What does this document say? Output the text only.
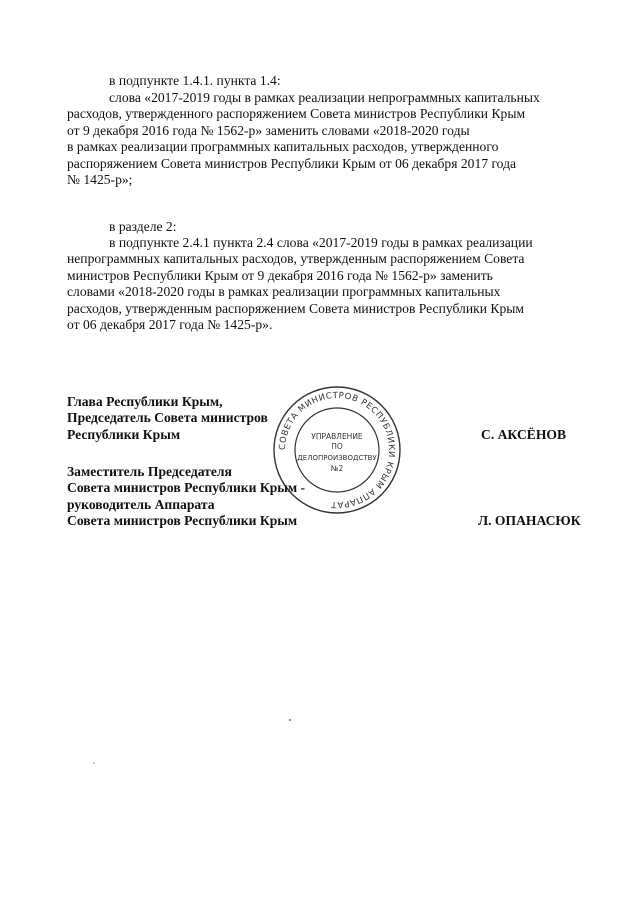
в подпункте 1.4.1. пункта 1.4:
слова «2017-2019 годы в рамках реализации непрограммных капитальных
расходов, утвержденного распоряжением Совета министров Республики Крым
от 9 декабря 2016 года № 1562-р» заменить словами «2018-2020 годы
в рамках реализации программных капитальных расходов, утвержденного
распоряжением Совета министров Республики Крым от 06 декабря 2017 года
№ 1425-р»;
в разделе 2:
в подпункте 2.4.1 пункта 2.4 слова «2017-2019 годы в рамках реализации
непрограммных капитальных расходов, утвержденным распоряжением Совета
министров Республики Крым от 9 декабря 2016 года № 1562-р» заменить
словами «2018-2020 годы в рамках реализации программных капитальных
расходов, утвержденным распоряжением Совета министров Республики Крым
от 06 декабря 2017 года № 1425-р».
СОВЕТА МИНИСТРОВ РЕСПУБЛИКИ КРЫМ АППАРАТ
УПРАВЛЕНИЕ
ПО
ДЕЛОПРОИЗВОДСТВУ
№2
Глава Республики Крым,
Председатель Совета министров
Республики Крым	С. АКСЁНОВ
Заместитель Председателя
Совета министров Республики Крым -
руководитель Аппарата
Совета министров Республики Крым	Л. ОПАНАСЮК
